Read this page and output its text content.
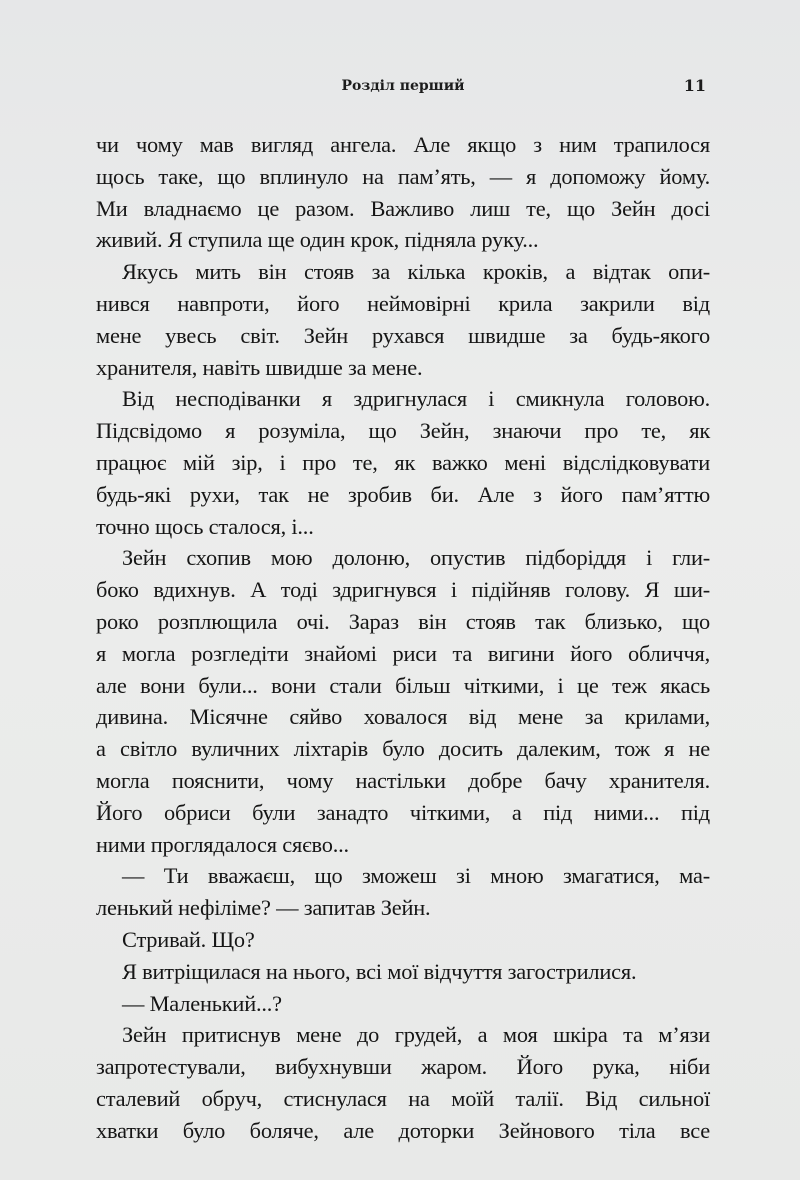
Розділ перший	11
чи чому мав вигляд ангела. Але якщо з ним трапилося
щось таке, що вплинуло на пам’ять, — я допоможу йому.
Ми владнаємо це разом. Важливо лиш те, що Зейн досі
живий. Я ступила ще один крок, підняла руку...
Якусь мить він стояв за кілька кроків, а відтак опи-
нився навпроти, його неймовірні крила закрили від
мене увесь світ. Зейн рухався швидше за будь-якого
хранителя, навіть швидше за мене.
Від несподіванки я здригнулася і смикнула головою.
Підсвідомо я розуміла, що Зейн, знаючи про те, як
працює мій зір, і про те, як важко мені відслідковувати
будь-які рухи, так не зробив би. Але з його пам’яттю
точно щось сталося, і...
Зейн схопив мою долоню, опустив підборіддя і гли-
боко вдихнув. А тоді здригнувся і підійняв голову. Я ши-
роко розплющила очі. Зараз він стояв так близько, що
я могла розгледіти знайомі риси та вигини його обличчя,
але вони були... вони стали більш чіткими, і це теж якась
дивина. Місячне сяйво ховалося від мене за крилами,
а світло вуличних ліхтарів було досить далеким, тож я не
могла пояснити, чому настільки добре бачу хранителя.
Його обриси були занадто чіткими, а під ними... під
ними проглядалося сяєво...
— Ти вважаєш, що зможеш зі мною змагатися, ма-
ленький нефіліме? — запитав Зейн.
Стривай. Що?
Я витріщилася на нього, всі мої відчуття загострилися.
— Маленький...?
Зейн притиснув мене до грудей, а моя шкіра та м’язи
запротестували, вибухнувши жаром. Його рука, ніби
сталевий обруч, стиснулася на моїй талії. Від сильної
хватки було боляче, але доторки Зейнового тіла все
